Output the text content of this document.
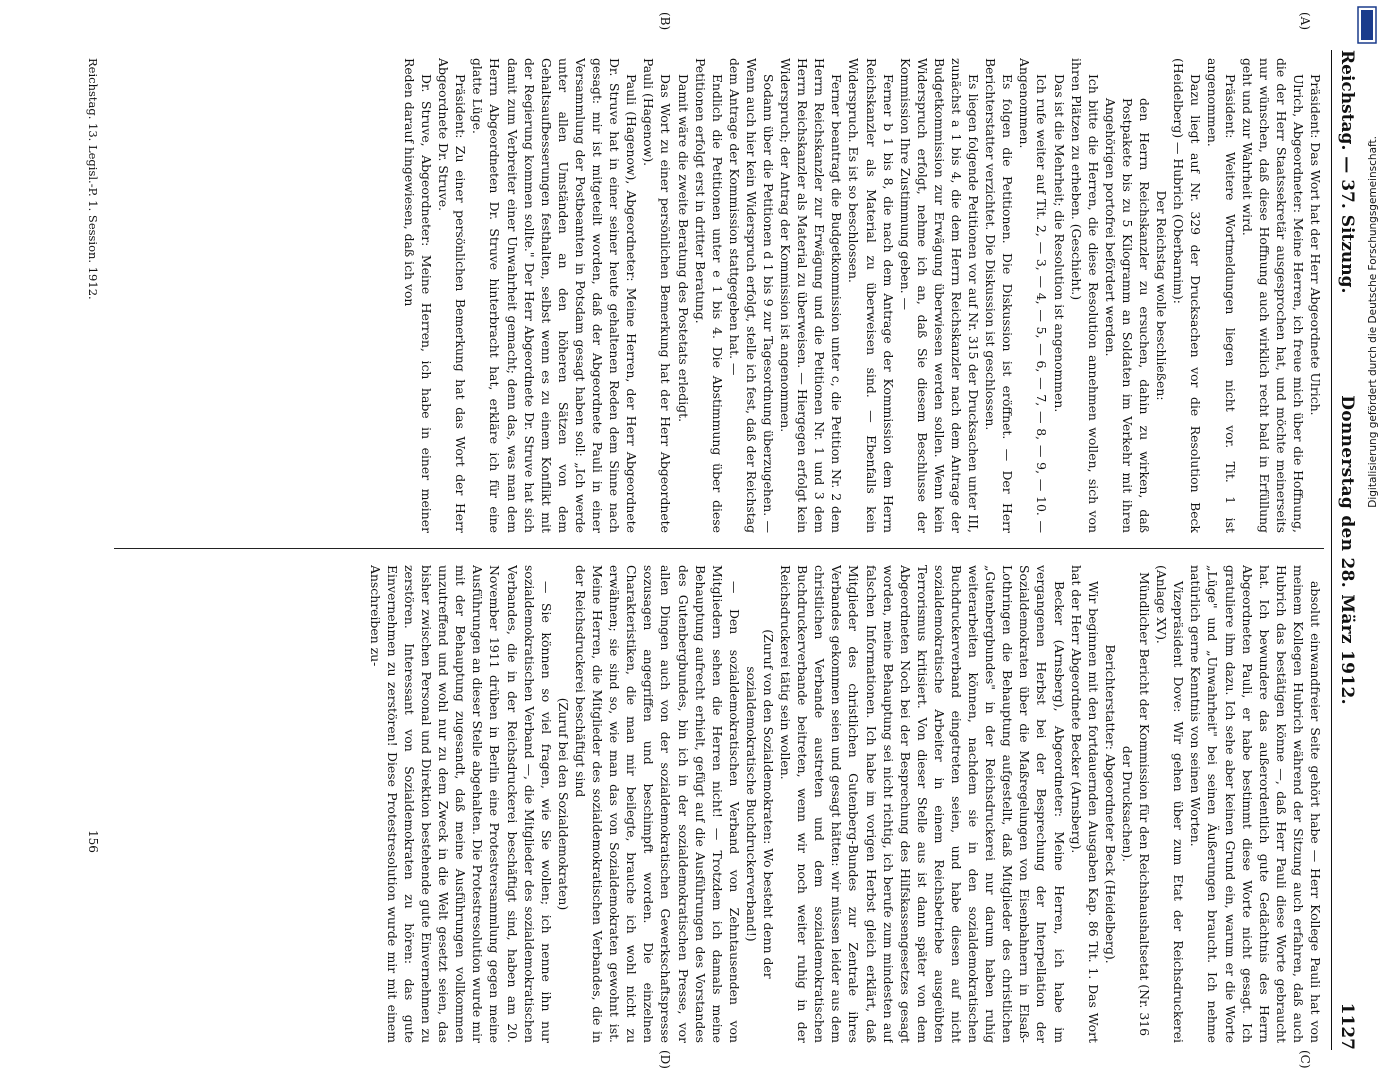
Reichstag. — 37. Sitzung.
Donnerstag den 28. März 1912.
1127
(A)
(B)
(C)
(D)

Präsident: Das Wort hat der Herr Abgeordnete Ulrich.

Ulrich, Abgeordneter: Meine Herren, ich freue mich über die Hoffnung, die der Herr Staatssekretär ausgesprochen hat, und möchte meinerseits nur wünschen, daß diese Hoffnung auch wirklich recht bald in Erfüllung geht und zur Wahrheit wird.

Präsident: Weitere Wortmeldungen liegen nicht vor. Tit. 1 ist angenommen.

Dazu liegt auf Nr. 329 der Drucksachen vor die Resolution Beck (Heidelberg) — Hubrich (Oberbarnim):

Der Reichstag wolle beschließen:

den Herrn Reichskanzler zu ersuchen, dahin zu wirken, daß Postpakete bis zu 5 Kilogramm an Soldaten im Verkehr mit ihren Angehörigen portofrei befördert werden.

Ich bitte die Herren, die diese Resolution annehmen wollen, sich von ihren Plätzen zu erheben. (Geschieht.)

Das ist die Mehrheit; die Resolution ist angenommen.

Ich rufe weiter auf Tit. 2, — 3, — 4, — 5, — 6, — 7, — 8, — 9, — 10. — Angenommen.

Es folgen die Petitionen. Die Diskussion ist eröffnet. — Der Herr Berichterstatter verzichtet. Die Diskussion ist geschlossen.

Es liegen folgende Petitionen vor auf Nr. 315 der Drucksachen unter III, zunächst a 1 bis 4, die dem Herrn Reichskanzler nach dem Antrage der Budgetkommission zur Erwägung überwiesen werden sollen. Wenn kein Widerspruch erfolgt, nehme ich an, daß Sie diesem Beschlusse der Kommission Ihre Zustimmung geben. —

Ferner b 1 bis 8, die nach dem Antrage der Kommission dem Herrn Reichskanzler als Material zu überweisen sind. — Ebenfalls kein Widerspruch. Es ist so beschlossen.

Ferner beantragt die Budgetkommission unter c, die Petition Nr. 2 dem Herrn Reichskanzler zur Erwägung und die Petitionen Nr. 1 und 3 dem Herrn Reichskanzler als Material zu überweisen. — Hiergegen erfolgt kein Widerspruch; der Antrag der Kommission ist angenommen.

Sodann über die Petitionen d 1 bis 9 zur Tagesordnung überzugehen. — Wenn auch hier kein Widerspruch erfolgt, stelle ich fest, daß der Reichstag dem Antrage der Kommission stattgegeben hat. —

Endlich die Petitionen unter e 1 bis 4. Die Abstimmung über diese Petitionen erfolgt erst in dritter Beratung.

Damit wäre die zweite Beratung des Postetats erledigt.

Das Wort zu einer persönlichen Bemerkung hat der Herr Abgeordnete Pauli (Hagenow).

Pauli (Hagenow), Abgeordneter: Meine Herren, der Herr Abgeordnete Dr. Struve hat in einer seiner heute gehaltenen Reden dem Sinne nach gesagt: mir ist mitgeteilt worden, daß der Abgeordnete Pauli in einer Versammlung der Postbeamten in Potsdam gesagt haben soll: „Ich werde unter allen Umständen an den höheren Sätzen von dem Gehaltsaufbesserungen festhalten, selbst wenn es zu einem Konflikt mit der Regierung kommen sollte." Der Herr Abgeordnete Dr. Struve hat sich damit zum Verbreiter einer Unwahrheit gemacht; denn das, was man dem Herrn Abgeordneten Dr. Struve hinterbracht hat, erkläre ich für eine glatte Lüge.

Präsident: Zu einer persönlichen Bemerkung hat das Wort der Herr Abgeordnete Dr. Struve.

Dr. Struve, Abgeordneter: Meine Herren, ich habe in einer meiner Reden darauf hingewiesen, daß ich von

absolut einwandfreier Seite gehört habe — Herr Kollege Pauli hat von meinem Kollegen Hubrich während der Sitzung auch erfahren, daß auch Hubrich das bestätigen könne —, daß Herr Pauli diese Worte gebraucht hat. Ich bewundere das außerordentlich gute Gedächtnis des Herrn Abgeordneten Pauli, er habe bestimmt diese Worte nicht gesagt. Ich gratuliere ihm dazu. Ich sehe aber keinen Grund ein, warum er die Worte „Lüge" und „Unwahrheit" bei seinen Äußerungen braucht. Ich nehme natürlich gerne Kenntnis von seinen Worten.

Vizepräsident Dove: Wir gehen über zum Etat der Reichsdruckerei (Anlage XV).

Mündlicher Bericht der Kommission für den Reichshaushaltsetat (Nr. 316 der Drucksachen).

Berichterstatter: Abgeordneter Beck (Heidelberg).

Wir beginnen mit den fortdauernden Ausgaben Kap. 86 Tit. 1. Das Wort hat der Herr Abgeordnete Becker (Arnsberg).

Becker (Arnsberg), Abgeordneter: Meine Herren, ich habe im vergangenen Herbst bei der Besprechung der Interpellation der Sozialdemokraten über die Maßregelungen von Eisenbahnern in Elsaß-Lothringen die Behauptung aufgestellt, daß Mitglieder des christlichen „Gutenbergbundes" in der Reichsdruckerei nur darum haben ruhig weiterarbeiten können, nachdem sie in den sozialdemokratischen Buchdruckerverband eingetreten seien, und habe diesen auf nicht sozialdemokratische Arbeiter in einem Reichsbetriebe ausgeübten Terrorismus kritisiert. Von dieser Stelle aus ist dann später von dem Abgeordneten Noch bei der Besprechung des Hilfskassengesetzes gesagt worden, meine Behauptung sei nicht richtig, ich berufe zum mindesten auf falschen Informationen. Ich habe im vorigen Herbst gleich erklärt, daß Mitglieder des christlichen Gutenberg-Bundes zur Zentrale ihres Verbandes gekommen seien und gesagt hätten: wir müssen leider aus dem christlichen Verbande austreten und dem sozialdemokratischen Buchdruckerverbande beitreten, wenn wir noch weiter ruhig in der Reichsdruckerei tätig sein wollen.

(Zuruf von den Sozialdemokraten: Wo besteht denn der sozialdemokratische Buchdruckerverband!)

— Den sozialdemokratischen Verband von Zehntausenden von Mitgliedern sehen die Herren nicht! — Trotzdem ich damals meine Behauptung aufrecht erhielt, gefügt auf die Ausführungen des Vorstandes des Gutenbergbundes, bin ich in der sozialdemokratischen Presse, vor allen Dingen auch von der sozialdemokratischen Gewerkschaftspresse sozusagen angegriffen und beschimpft worden. Die einzelnen Charakteristiken, die man mir beilegte, brauche ich wohl nicht zu erwähnen; sie sind so, wie man das von Sozialdemokraten gewohnt ist. Meine Herren, die Mitglieder des sozialdemokratischen Verbandes, die in der Reichsdruckerei beschäftigt sind

(Zuruf bei den Sozialdemokraten)

— Sie können so viel fragen, wie Sie wollen; ich nenne ihn nur sozialdemokratischen Verband —, die Mitglieder des sozialdemokratischen Verbandes, die in der Reichsdruckerei beschäftigt sind, haben am 20. November 1911 drüben in Berlin eine Protestversammlung gegen meine Ausführungen an dieser Stelle abgehalten. Die Protestresolution wurde mir mit der Behauptung zugesandt, daß meine Ausführungen vollkommen unzutreffend und wohl nur zu dem Zweck in die Welt gesetzt seien, das bisher zwischen Personal und Direktion bestehende gute Einvernehmen zu zerstören. Interessant von Sozialdemokraten zu hören: das gute Einvernehmen zu zerstören! Diese Protestresolution wurde mir mit einem Anschreiben zu-

Reichstag. 13. Legisl.-P. 1. Session. 1912.
156
Digitalisierung gefördert durch die Deutsche Forschungsgemeinschaft.
